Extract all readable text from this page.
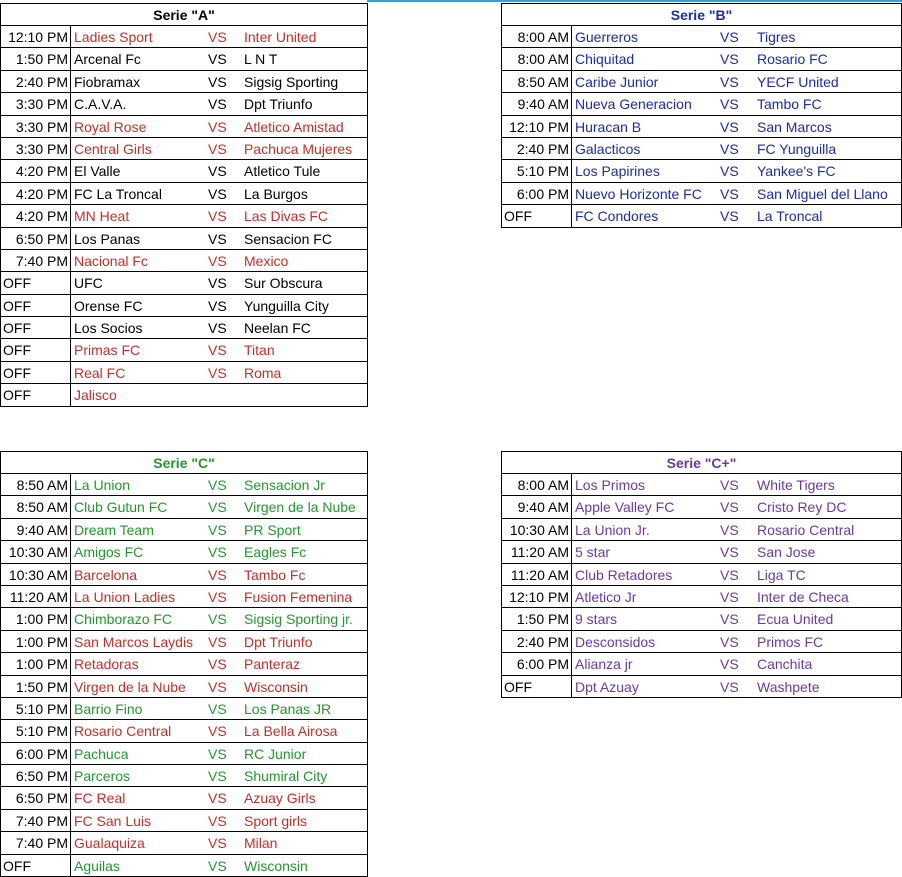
Serie "A"
12:10 PM Ladies Sport	VS Inter United
1:50 PM Arcenal Fc	VS L N T
2:40 PM Fiobramax	VS Sigsig Sporting
3:30 PM C.A.V.A.	VS Dpt Triunfo
3:30 PM Royal Rose	VS Atletico Amistad
3:30 PM Central Girls	VS Pachuca Mujeres
4:20 PM El Valle	VS Atletico Tule
4:20 PM FC La Troncal	VS La Burgos
4:20 PM MN Heat	VS Las Divas FC
6:50 PM Los Panas	VS Sensacion FC
7:40 PM Nacional Fc	VS Mexico
OFF	UFC	VS Sur Obscura
OFF	Orense FC	VS Yunguilla City
OFF	Los Socios	VS Neelan FC
OFF	Primas FC	VS Titan
OFF	Real FC	VS Roma
OFF	Jalisco
Serie "B"
8:00 AM Guerreros	VS Tigres
8:00 AM Chiquitad	VS Rosario FC
8:50 AM Caribe Junior	VS YECF United
9:40 AM Nueva Generacion VS Tambo FC
12:10 PM Huracan B	VS San Marcos
2:40 PM Galacticos	VS FC Yunguilla
5:10 PM Los Papirines	VS Yankee's FC
6:00 PM Nuevo Horizonte FC VS San Miguel del Llano
OFF	FC Condores	VS La Troncal
Serie "C"
8:50 AM La Union	VS Sensacion Jr
8:50 AM Club Gutun FC	VS Virgen de la Nube
9:40 AM Dream Team	VS PR Sport
10:30 AM Amigos FC	VS Eagles Fc
10:30 AM Barcelona	VS Tambo Fc
11:20 AM La Union Ladies VS Fusion Femenina
1:00 PM Chimborazo FC	VS Sigsig Sporting jr.
1:00 PM San Marcos Laydis VS Dpt Triunfo
1:00 PM Retadoras	VS Panteraz
1:50 PM Virgen de la Nube VS Wisconsin
5:10 PM Barrio Fino	VS Los Panas JR
5:10 PM Rosario Central	VS La Bella Airosa
6:00 PM Pachuca	VS RC Junior
6:50 PM Parceros	VS Shumiral City
6:50 PM FC Real	VS Azuay Girls
7:40 PM FC San Luis	VS Sport girls
7:40 PM Gualaquiza	VS Milan
OFF	Aguilas	VS Wisconsin
Serie "C+"
8:00 AM Los Primos	VS White Tigers
9:40 AM Apple Valley FC	VS Cristo Rey DC
10:30 AM La Union Jr.	VS Rosario Central
11:20 AM 5 star	VS San Jose
11:20 AM Club Retadores	VS Liga TC
12:10 PM Atletico Jr	VS Inter de Checa
1:50 PM 9 stars	VS Ecua United
2:40 PM Desconsidos	VS Primos FC
6:00 PM Alianza jr	VS Canchita
OFF	Dpt Azuay	VS Washpete
